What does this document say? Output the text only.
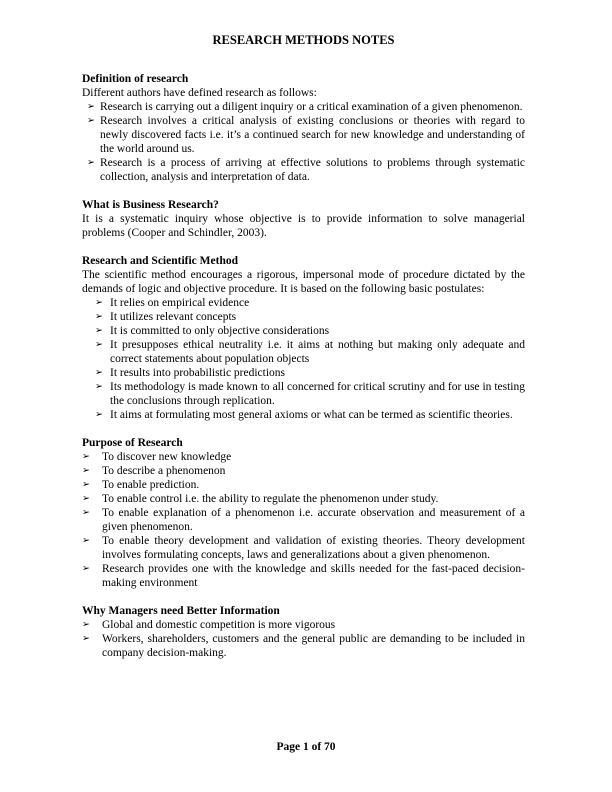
RESEARCH METHODS NOTES
Definition of research
Different authors have defined research as follows:
➢ Research is carrying out a diligent inquiry or a critical examination of a given phenomenon.
➢ Research involves a critical analysis of existing conclusions or theories with regard to newly discovered facts i.e. it’s a continued search for new knowledge and understanding of the world around us.
➢ Research is a process of arriving at effective solutions to problems through systematic collection, analysis and interpretation of data.
What is Business Research?
It is a systematic inquiry whose objective is to provide information to solve managerial problems (Cooper and Schindler, 2003).
Research and Scientific Method
The scientific method encourages a rigorous, impersonal mode of procedure dictated by the demands of logic and objective procedure. It is based on the following basic postulates:
➢ It relies on empirical evidence
➢ It utilizes relevant concepts
➢ It is committed to only objective considerations
➢ It presupposes ethical neutrality i.e. it aims at nothing but making only adequate and correct statements about population objects
➢ It results into probabilistic predictions
➢ Its methodology is made known to all concerned for critical scrutiny and for use in testing the conclusions through replication.
➢ It aims at formulating most general axioms or what can be termed as scientific theories.
Purpose of Research
➢ To discover new knowledge
➢ To describe a phenomenon
➢ To enable prediction.
➢ To enable control i.e. the ability to regulate the phenomenon under study.
➢ To enable explanation of a phenomenon i.e. accurate observation and measurement of a given phenomenon.
➢ To enable theory development and validation of existing theories. Theory development involves formulating concepts, laws and generalizations about a given phenomenon.
➢ Research provides one with the knowledge and skills needed for the fast-paced decision-making environment
Why Managers need Better Information
➢ Global and domestic competition is more vigorous
➢ Workers, shareholders, customers and the general public are demanding to be included in company decision-making.
Page 1 of 70
